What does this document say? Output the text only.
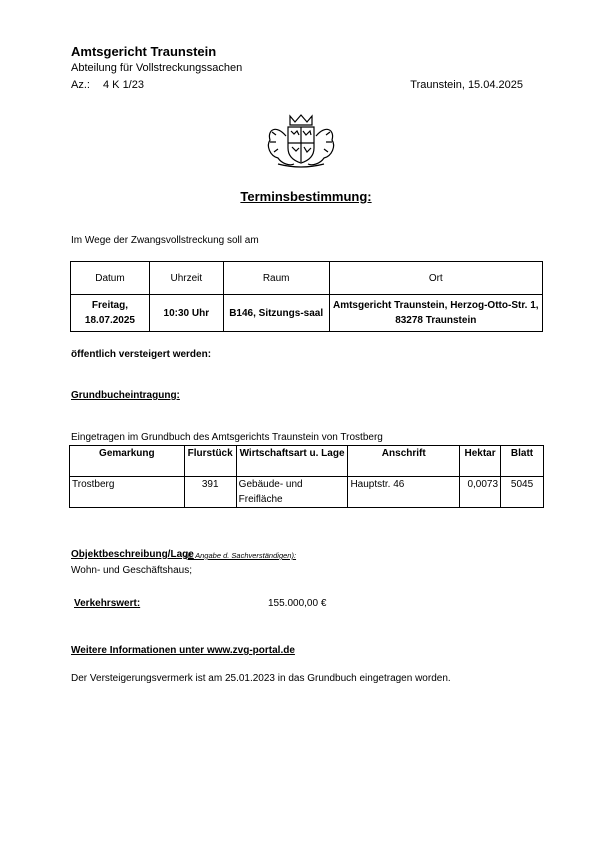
Amtsgericht Traunstein
Abteilung für Vollstreckungssachen
Az.: 4 K 1/23	Traunstein, 15.04.2025
Terminsbestimmung:
Im Wege der Zwangsvollstreckung soll am
Datum	Uhrzeit	Raum	Ort
Freitag, 18.07.2025	10:30 Uhr	B146, Sitzungs-saal	Amtsgericht Traunstein, Herzog-Otto-Str. 1, 83278 Traunstein
öffentlich versteigert werden:
Grundbucheintragung:
Eingetragen im Grundbuch des Amtsgerichts Traunstein von Trostberg
Gemarkung	Flurstück	Wirtschaftsart u. Lage	Anschrift	Hektar	Blatt
Trostberg	391	Gebäude- und Freifläche	Hauptstr. 46	0,0073	5045
Objektbeschreibung/Lage
(lt. Angabe d. Sachverständigen):
Wohn- und Geschäftshaus;
Verkehrswert:	155.000,00 €
Weitere Informationen unter www.zvg-portal.de
Der Versteigerungsvermerk ist am 25.01.2023 in das Grundbuch eingetragen worden.
